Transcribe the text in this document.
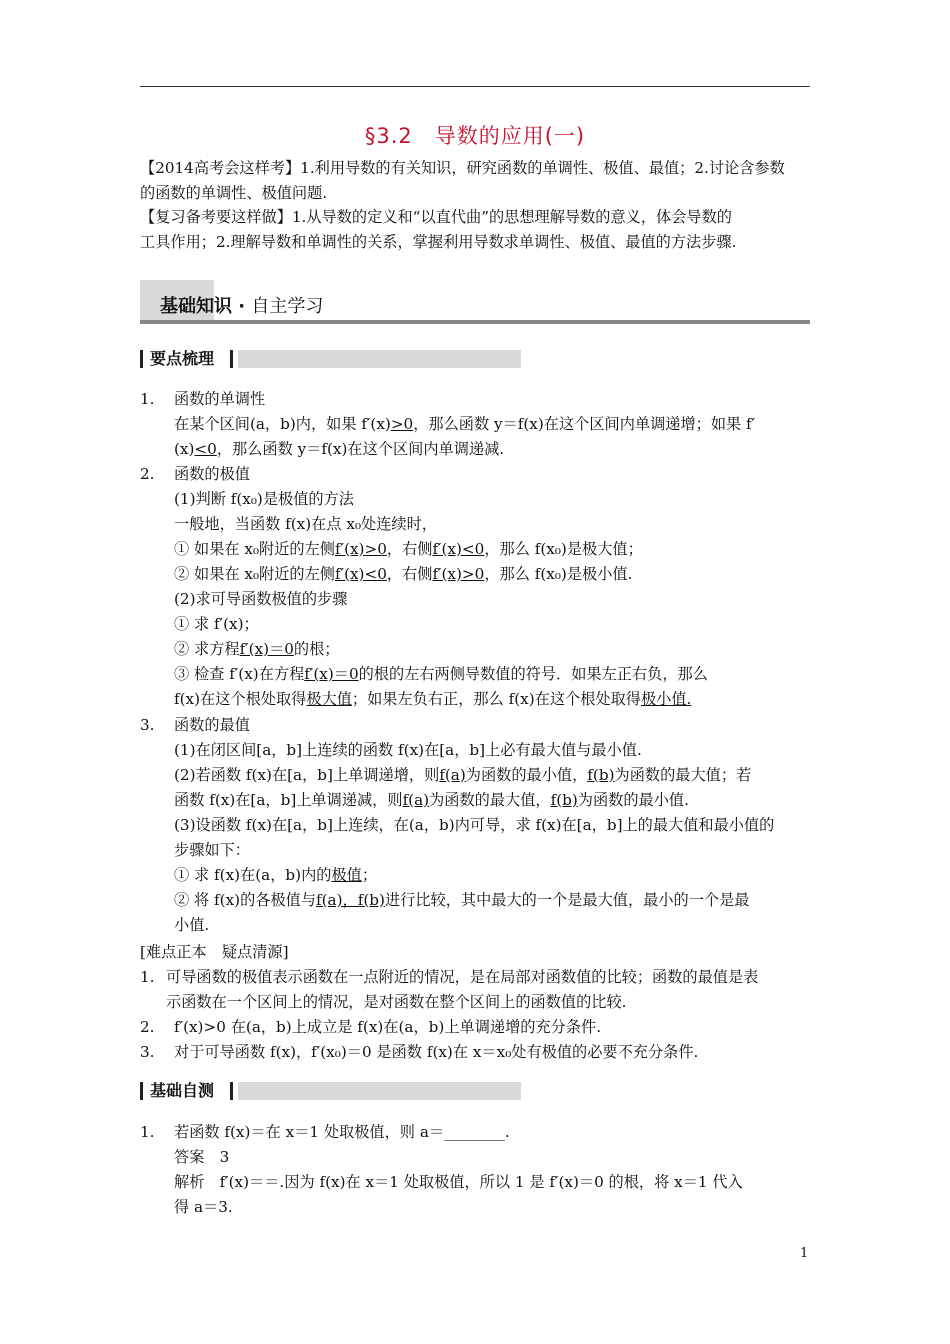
§3.2　导数的应用(一)
【2014高考会这样考】1.利用导数的有关知识，研究函数的单调性、极值、最值；2.讨论含参数
的函数的单调性、极值问题.
【复习备考要这样做】1.从导数的定义和“以直代曲”的思想理解导数的意义，体会导数的
工具作用；2.理解导数和单调性的关系，掌握利用导数求单调性、极值、最值的方法步骤.
基础知识 · 自主学习
要点梳理
1. 函数的单调性
在某个区间(a，b)内，如果 f′(x)>0，那么函数 y＝f(x)在这个区间内单调递增；如果 f′
(x)<0，那么函数 y＝f(x)在这个区间内单调递减.
2. 函数的极值
(1)判断 f(x₀)是极值的方法
一般地，当函数 f(x)在点 x₀处连续时，
① 如果在 x₀附近的左侧f′(x)>0，右侧f′(x)<0，那么 f(x₀)是极大值；
② 如果在 x₀附近的左侧f′(x)<0，右侧f′(x)>0，那么 f(x₀)是极小值.
(2)求可导函数极值的步骤
① 求 f′(x)；
② 求方程f′(x)＝0的根；
③ 检查 f′(x)在方程f′(x)＝0的根的左右两侧导数值的符号．如果左正右负，那么
f(x)在这个根处取得极大值；如果左负右正，那么 f(x)在这个根处取得极小值.
3. 函数的最值
(1)在闭区间[a，b]上连续的函数 f(x)在[a，b]上必有最大值与最小值.
(2)若函数 f(x)在[a，b]上单调递增，则f(a)为函数的最小值，f(b)为函数的最大值；若
函数 f(x)在[a，b]上单调递减，则f(a)为函数的最大值，f(b)为函数的最小值.
(3)设函数 f(x)在[a，b]上连续，在(a，b)内可导，求 f(x)在[a，b]上的最大值和最小值的
步骤如下：
① 求 f(x)在(a，b)内的极值；
② 将 f(x)的各极值与f(a)，f(b)进行比较，其中最大的一个是最大值，最小的一个是最
小值.
[难点正本　疑点清源]
1. 可导函数的极值表示函数在一点附近的情况，是在局部对函数值的比较；函数的最值是表
示函数在一个区间上的情况，是对函数在整个区间上的函数值的比较.
2. f′(x)>0 在(a，b)上成立是 f(x)在(a，b)上单调递增的充分条件.
3. 对于可导函数 f(x)，f′(x₀)＝0 是函数 f(x)在 x＝x₀处有极值的必要不充分条件.
基础自测
1. 若函数 f(x)＝在 x＝1 处取极值，则 a＝________.
答案　3
解析　f′(x)＝＝.因为 f(x)在 x＝1 处取极值，所以 1 是 f′(x)＝0 的根，将 x＝1 代入
得 a＝3.
1
